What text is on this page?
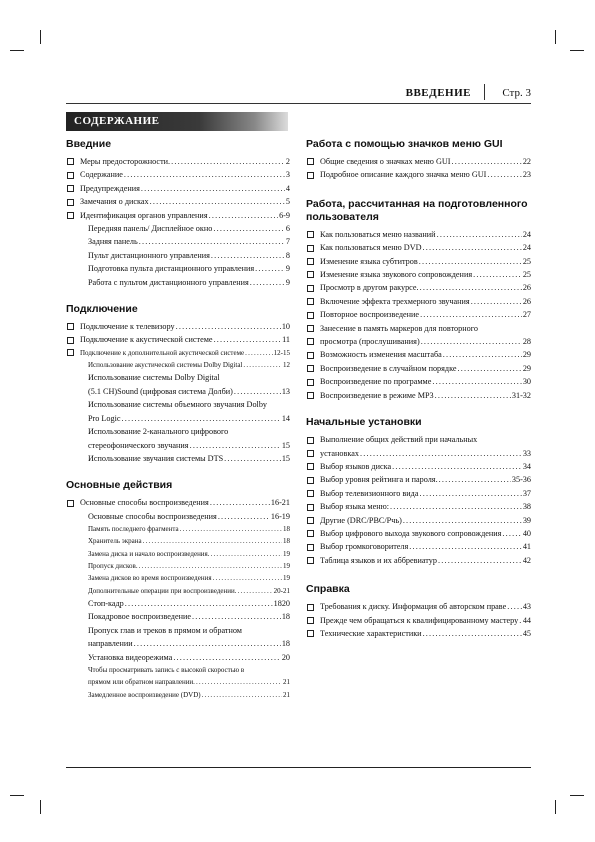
ВВЕДЕНИЕ	Стр. 3
СОДЕРЖАНИЕ
Введние
Меры предосторожности. .....	2
Содержание .....	3
Предупреждения .....	4
Замечания о дисках .....	5
Идентификация органов управления .....	6-9
Передняя панель/ Дисплейное окно .....	6
Задняя панель .....	7
Пульт дистанционного управления .....	8
Подготовка пульта дистанционного управления .....	9
Работа с пультом дистанционного управления .....	9
Подключение
Подключение к телевизору .....	10
Подключение к акустической системе .....	11
Подключение к дополнительной акустической системе .....	12-15
Использование акустической системы Dolby Digital .....	12
Использование системы Dolby Digital
(5.1 CH)Sound (цифровая система Долби) .....	13
Использование системы объемного звучания Dolby
Pro Logic .....	14
Использование 2-канального цифрового
стереофонического звучания .....	15
Использование звучания системы DTS .....	15
Основные действия
Основные способы воспроизведения .....	16-21
Основные способы воспроизведения .....	16-19
Память последнего фрагмента .....	18
Хранитель экрана .....	18
Замена диска и начало воспроизведения. .....	19
Пропуск дисков. .....	19
Замена дисков во время воспроизведения .....	19
Дополнительные операции при воспроизведении. .....	20-21
Стоп-кадр .....	1820
Покадровое воспроизведение .....	18
Пропуск глав и треков в прямом и обратном
направлении .....	18
Установка видеорежима .....	20
Чтобы просматривать запись с высокой скоростью в
прямом или обратном направлении. .....	21
Замедленное воспроизведение (DVD) .....	21
Работа с помощью значков меню GUI
Общие сведения о значках меню GUI .....	22
Подробное описание каждого значка меню GUI .....	23
Работа, рассчитанная на подготовленного пользователя
Как пользоваться меню названий .....	24
Как пользоваться меню DVD .....	24
Изменение языка субтитров .....	25
Изменение языка звукового сопровождения .....	25
Просмотр в другом ракурсе. .....	26
Включение эффекта трехмерного звучания .....	26
Повторное воспроизведение .....	27
Занесение в память маркеров для повторного
просмотра (прослушивания) .....	28
Возможность изменения масштаба .....	29
Воспроизведение в случайном порядке .....	29
Воспроизведение по программе .....	30
Воспроизведение в режиме MP3 .....	31-32
Начальные установки
Выполнение общих действий при начальных
установках .....	33
Выбор языков диска .....	34
Выбор уровня рейтинга и пароля. .....	35-36
Выбор телевизионного вида .....	37
Выбор языка меню: .....	38
Другие (DRC/PBC/Рчь) .....	39
Выбор цифрового выхода звукового сопровождения .....	40
Выбор громкоговорителя .....	41
Таблица языков и их аббревиатур .....	42
Справка
Требования к диску. Информация об авторском праве ..... 43
Прежде чем обращаться к квалифицированному мастеру ..... 44
Технические характеристики .....	45
